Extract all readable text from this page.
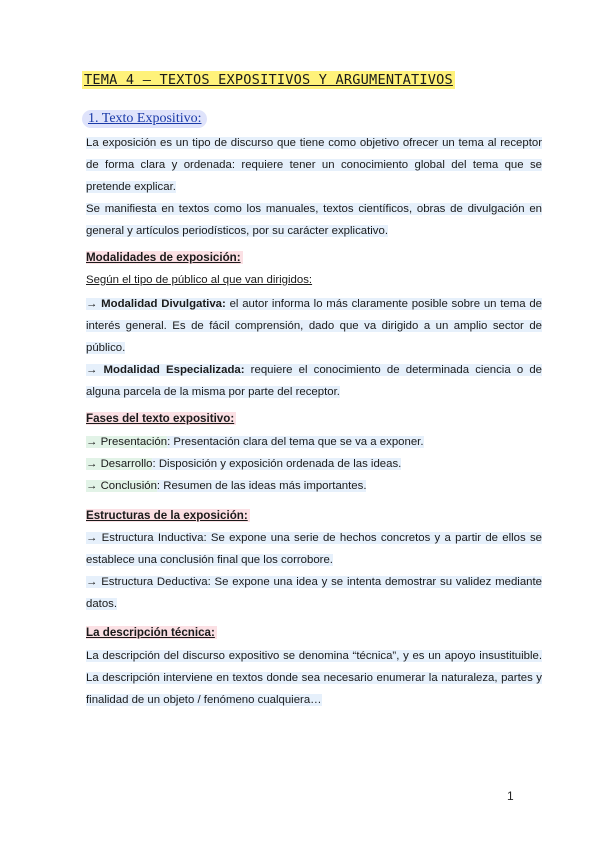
TEMA 4 – TEXTOS EXPOSITIVOS Y ARGUMENTATIVOS
1. Texto Expositivo:

La exposición es un tipo de discurso que tiene como objetivo ofrecer un tema al receptor de forma clara y ordenada: requiere tener un conocimiento global del tema que se pretende explicar.

Se manifiesta en textos como los manuales, textos científicos, obras de divulgación en general y artículos periodísticos, por su carácter explicativo.

Modalidades de exposición:
Según el tipo de público al que van dirigidos:

→ Modalidad Divulgativa: el autor informa lo más claramente posible sobre un tema de interés general. Es de fácil comprensión, dado que va dirigido a un amplio sector de público.

→ Modalidad Especializada: requiere el conocimiento de determinada ciencia o de alguna parcela de la misma por parte del receptor.

Fases del texto expositivo:

→ Presentación: Presentación clara del tema que se va a exponer.

→ Desarrollo: Disposición y exposición ordenada de las ideas.

→ Conclusión: Resumen de las ideas más importantes.

Estructuras de la exposición:

→ Estructura Inductiva: Se expone una serie de hechos concretos y a partir de ellos se establece una conclusión final que los corrobore.

→ Estructura Deductiva: Se expone una idea y se intenta demostrar su validez mediante datos.

La descripción técnica:

La descripción del discurso expositivo se denomina “técnica”, y es un apoyo insustituible. La descripción interviene en textos donde sea necesario enumerar la naturaleza, partes y finalidad de un objeto / fenómeno cualquiera…

1
